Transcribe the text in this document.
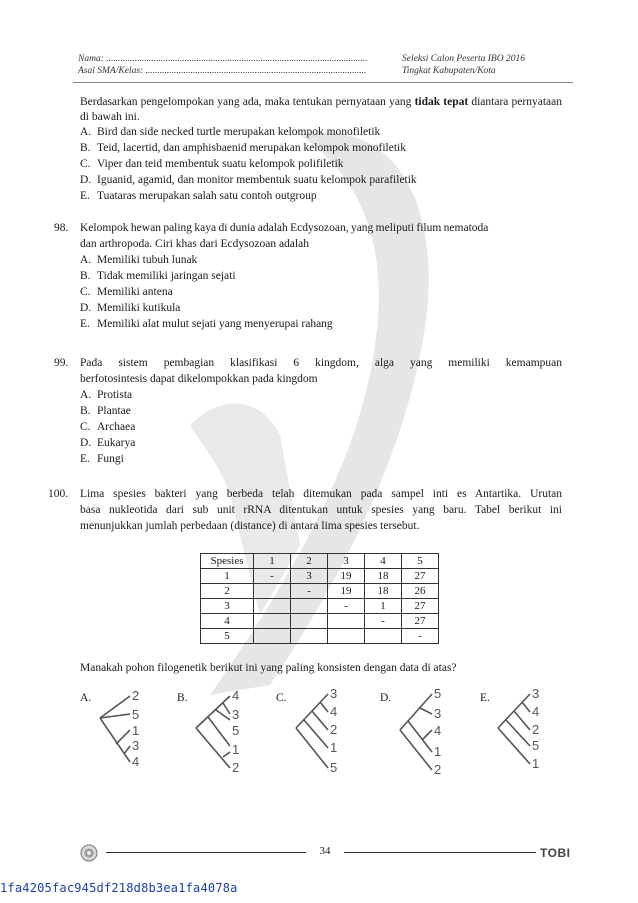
Nama: ..............................................................................................................
Asal SMA/Kelas: .............................................................................................
Seleksi Calon Peserta IBO 2016
Tingkat Kabupaten/Kota
Berdasarkan pengelompokan yang ada, maka tentukan pernyataan yang tidak tepat diantara pernyataan di bawah ini.
A. Bird dan side necked turtle merupakan kelompok monofiletik
B. Teid, lacertid, dan amphisbaenid merupakan kelompok monofiletik
C. Viper dan teid membentuk suatu kelompok polifiletik
D. Iguanid, agamid, dan monitor membentuk suatu kelompok parafiletik
E. Tuataras merupakan salah satu contoh outgroup
98. Kelompok hewan paling kaya di dunia adalah Ecdysozoan, yang meliputi filum nematoda
dan arthropoda. Ciri khas dari Ecdysozoan adalah
A. Memiliki tubuh lunak
B. Tidak memiliki jaringan sejati
C. Memiliki antena
D. Memiliki kutikula
E. Memiliki alat mulut sejati yang menyerupai rahang
99. Pada sistem pembagian klasifikasi 6 kingdom, alga yang memiliki kemampuan
berfotosintesis dapat dikelompokkan pada kingdom
A. Protista
B. Plantae
C. Archaea
D. Eukarya
E. Fungi
100. Lima spesies bakteri yang berbeda telah ditemukan pada sampel inti es Antartika. Urutan
basa nukleotida dari sub unit rRNA ditentukan untuk spesies yang baru. Tabel berikut ini
menunjukkan jumlah perbedaan (distance) di antara lima spesies tersebut.
Spesies	1	2	3	4	5
1	-	3	19	18	27
2		-	19	18	26
3			-	1	27
4				-	27
5					-
Manakah pohon filogenetik berikut ini yang paling konsisten dengan data di atas?
A.	B.	C.	D.	E.
2
5
1
3
4
4
3
5
1
2
3
4
2
1
5
5
3
4
1
2
3
4
2
5
1
34	TOBI
1fa4205fac945df218d8b3ea1fa4078a
